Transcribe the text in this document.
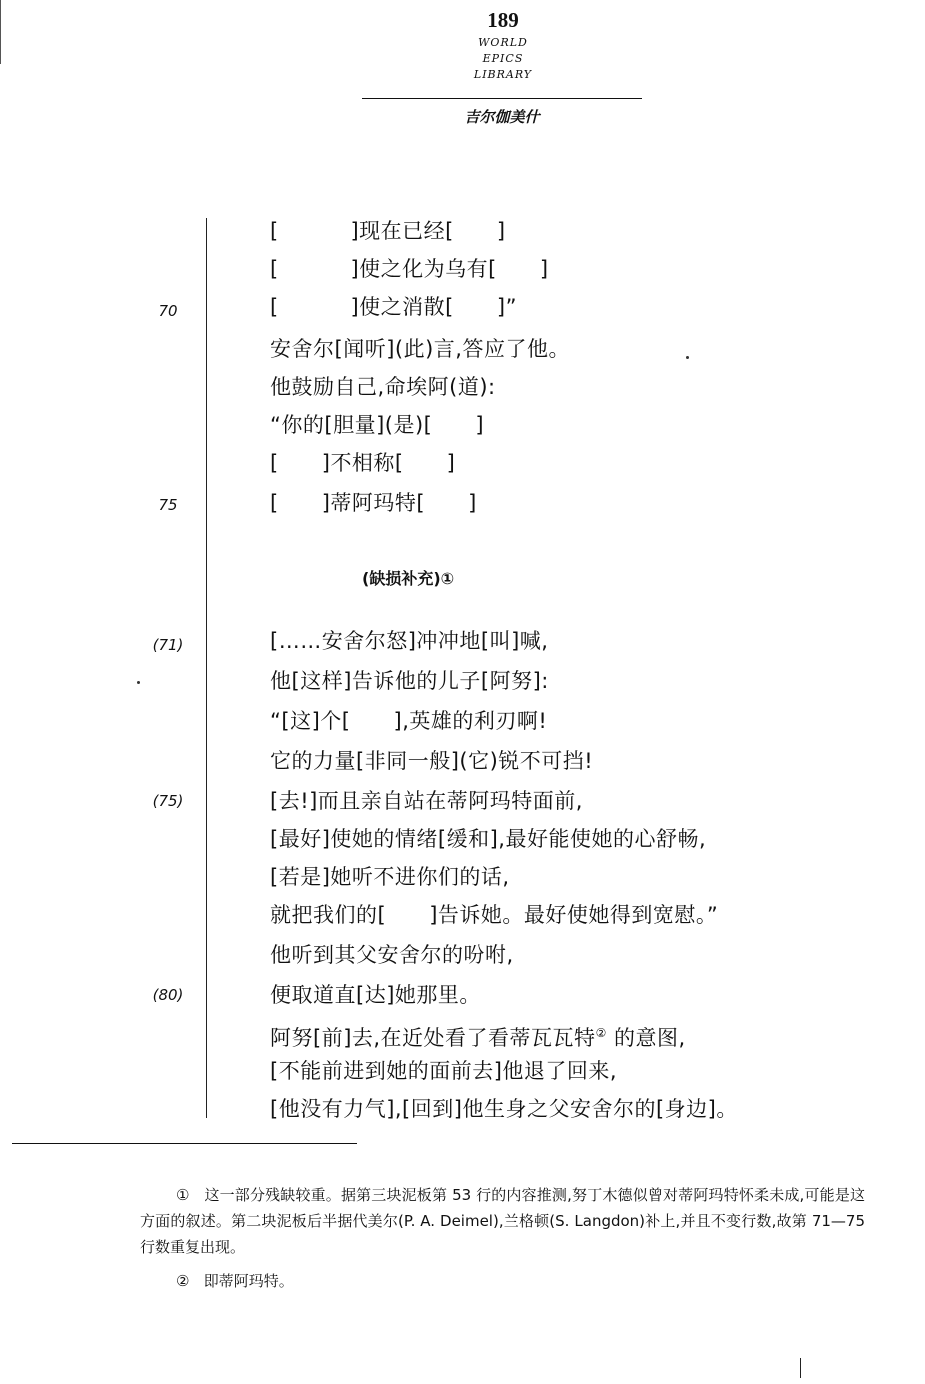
189
WORLD
EPICS
LIBRARY
吉尔伽美什
[          ]现在已经[      ]
[          ]使之化为乌有[      ]
[          ]使之消散[      ]”
安舍尔[闻听](此)言,答应了他。
他鼓励自己,命埃阿(道):
“你的[胆量](是)[      ]
[      ]不相称[      ]
[      ]蒂阿玛特[      ]
70
75
(缺损补充)①
[……安舍尔怒]冲冲地[叫]喊,
他[这样]告诉他的儿子[阿努]:
“[这]个[      ],英雄的利刃啊!
它的力量[非同一般](它)锐不可挡!
[去!]而且亲自站在蒂阿玛特面前,
[最好]使她的情绪[缓和],最好能使她的心舒畅,
[若是]她听不进你们的话,
就把我们的[      ]告诉她。最好使她得到宽慰。”
他听到其父安舍尔的吩咐,
便取道直[达]她那里。
阿努[前]去,在近处看了看蒂瓦瓦特② 的意图,
[不能前进到她的面前去]他退了回来,
[他没有力气],[回到]他生身之父安舍尔的[身边]。
(71)
(75)
(80)
① 这一部分残缺较重。据第三块泥板第 53 行的内容推测,努丁木德似曾对蒂阿玛特怀柔未成,可能是这方面的叙述。第二块泥板后半据代美尔(P. A. Deimel),兰格顿(S. Langdon)补上,并且不变行数,故第 71—75 行数重复出现。
② 即蒂阿玛特。
